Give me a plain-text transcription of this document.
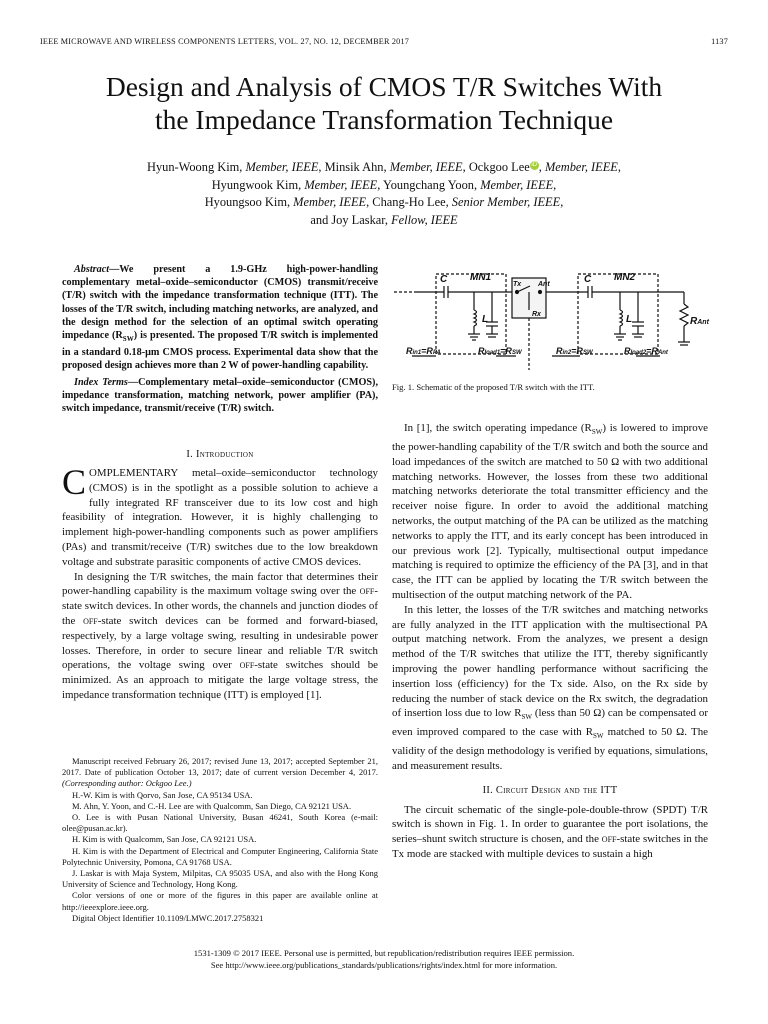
IEEE MICROWAVE AND WIRELESS COMPONENTS LETTERS, VOL. 27, NO. 12, DECEMBER 2017	1137
Design and Analysis of CMOS T/R Switches With
the Impedance Transformation Technique
Hyun-Woong Kim, Member, IEEE, Minsik Ahn, Member, IEEE, Ockgoo Lee iD , Member, IEEE,
Hyungwook Kim, Member, IEEE, Youngchang Yoon, Member, IEEE,
Hyoungsoo Kim, Member, IEEE, Chang-Ho Lee, Senior Member, IEEE,
and Joy Laskar, Fellow, IEEE
Abstract—We present a 1.9-GHz high-power-handling complementary metal–oxide–semiconductor (CMOS) transmit/receive (T/R) switch with the impedance transformation technique (ITT). The losses of the T/R switch, including matching networks, are analyzed, and the design method for the selection of an optimal switch operating impedance $(R_{SW})$ is presented. The proposed T/R switch is implemented in a standard 0.18-μm CMOS process. Experimental data show that the proposed design achieves more than 2 W of power-handling capability.
Index Terms—Complementary metal–oxide–semiconductor (CMOS), impedance transformation, matching network, power amplifier (PA), switch impedance, transmit/receive (T/R) switch.
I. Introduction
COMPLEMENTARY metal–oxide–semiconductor technology (CMOS) is in the spotlight as a possible solution to achieve a fully integrated RF transceiver due to its low cost and high feasibility of integration. However, it is highly challenging to implement high-power-handling components such as power amplifiers (PAs) and transmit/receive (T/R) switches due to the low breakdown voltage and substrate parasitic components of active CMOS devices.

In designing the T/R switches, the main factor that determines their power-handling capability is the maximum voltage swing over the off-state switch devices. In other words, the channels and junction diodes of the off-state switch devices can be formed and forward-biased, respectively, by a large voltage swing, resulting in undesirable power losses. Therefore, in order to secure linear and reliable T/R switch operations, the voltage swing over off-state switches should be minimized. As an approach to mitigate the large voltage stress, the impedance transformation technique (ITT) is employed [1].

Manuscript received February 26, 2017; revised June 13, 2017; accepted September 21, 2017. Date of publication October 13, 2017; date of current version December 4, 2017. (Corresponding author: Ockgoo Lee.)

H.-W. Kim is with Qorvo, San Jose, CA 95134 USA.

M. Ahn, Y. Yoon, and C.-H. Lee are with Qualcomm, San Diego, CA 92121 USA.

O. Lee is with Pusan National University, Busan 46241, South Korea (e-mail: olee@pusan.ac.kr).

H. Kim is with Qualcomm, San Jose, CA 92121 USA.

H. Kim is with the Department of Electrical and Computer Engineering, California State Polytechnic University, Pomona, CA 91768 USA.

J. Laskar is with Maja System, Milpitas, CA 95035 USA, and also with the Hong Kong University of Science and Technology, Hong Kong.

Color versions of one or more of the figures in this paper are available online at http://ieeexplore.ieee.org.

Digital Object Identifier 10.1109/LMWC.2017.2758321

C MN1
Tx Ant
Rx
C MN2
L	L	RAnt
Rin1=RPA	Rload1=RSW	Rin2=RSW	Rload2=RAnt
Fig. 1. Schematic of the proposed T/R switch with the ITT.

In [1], the switch operating impedance $(R_{SW})$ is lowered to improve the power-handling capability of the T/R switch and both the source and load impedances of the switch are matched to 50 Ω with two additional matching networks. However, the losses from these two additional matching networks deteriorate the total transmitter efficiency and the receiver noise figure. In order to avoid the additional matching networks, the output matching of the PA can be utilized as the matching networks to apply the ITT, and its early concept has been introduced in our previous work [2]. Typically, multisectional output impedance matching is required to optimize the efficiency of the PA [3], and in that case, the ITT can be applied by locating the T/R switch between the multisection of the output matching network of the PA.

In this letter, the losses of the T/R switches and matching networks are fully analyzed in the ITT application with the multisectional PA output matching network. From the analyzes, we present a design method of the T/R switches that utilize the ITT, thereby significantly improving the power handling performance without sacrificing the insertion loss (efficiency) for the Tx side. Also, on the Rx side by reducing the number of stack device on the Rx switch, the degradation of insertion loss due to low $R_{SW}$ (less than 50 Ω) can be compensated or even improved compared to the case with $R_{SW}$ matched to 50 Ω. The validity of the design methodology is verified by equations, simulations, and measurement results.

II. Circuit Design and the ITT

The circuit schematic of the single-pole-double-throw (SPDT) T/R switch is shown in Fig. 1. In order to guarantee the port isolations, the series–shunt switch structure is chosen, and the off-state switches in the Tx mode are stacked with multiple devices to sustain a high

1531-1309 © 2017 IEEE. Personal use is permitted, but republication/redistribution requires IEEE permission.
See http://www.ieee.org/publications_standards/publications/rights/index.html for more information.
